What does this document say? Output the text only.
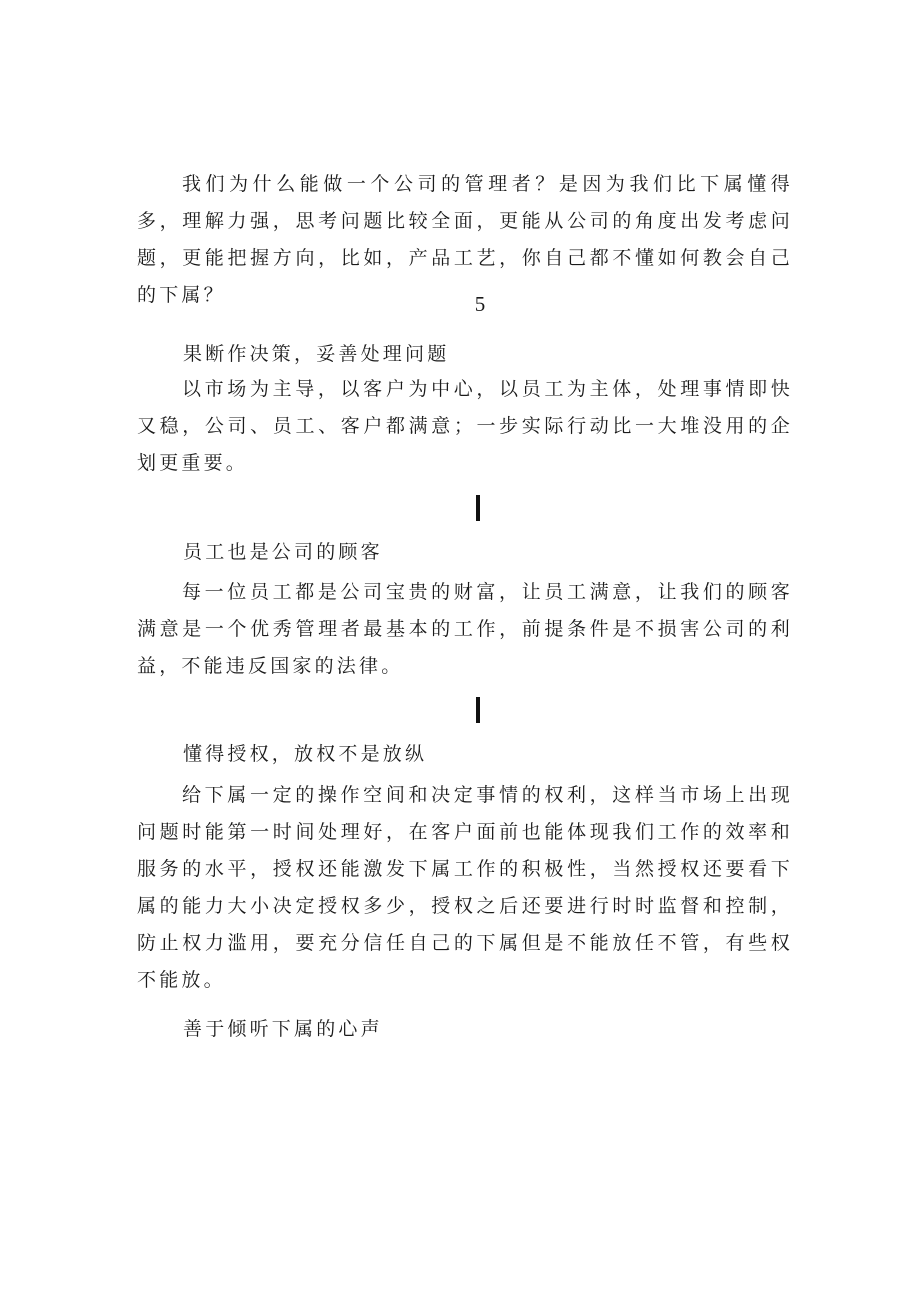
我们为什么能做一个公司的管理者？是因为我们比下属懂得多，理解力强，思考问题比较全面，更能从公司的角度出发考虑问题，更能把握方向，比如，产品工艺，你自己都不懂如何教会自己的下属？	5

果断作决策，妥善处理问题

以市场为主导，以客户为中心，以员工为主体，处理事情即快又稳，公司、员工、客户都满意；一步实际行动比一大堆没用的企划更重要。

员工也是公司的顾客

每一位员工都是公司宝贵的财富，让员工满意，让我们的顾客满意是一个优秀管理者最基本的工作，前提条件是不损害公司的利益，不能违反国家的法律。

懂得授权，放权不是放纵

给下属一定的操作空间和决定事情的权利，这样当市场上出现问题时能第一时间处理好，在客户面前也能体现我们工作的效率和服务的水平，授权还能激发下属工作的积极性，当然授权还要看下属的能力大小决定授权多少，授权之后还要进行时时监督和控制，防止权力滥用，要充分信任自己的下属但是不能放任不管，有些权不能放。

善于倾听下属的心声
